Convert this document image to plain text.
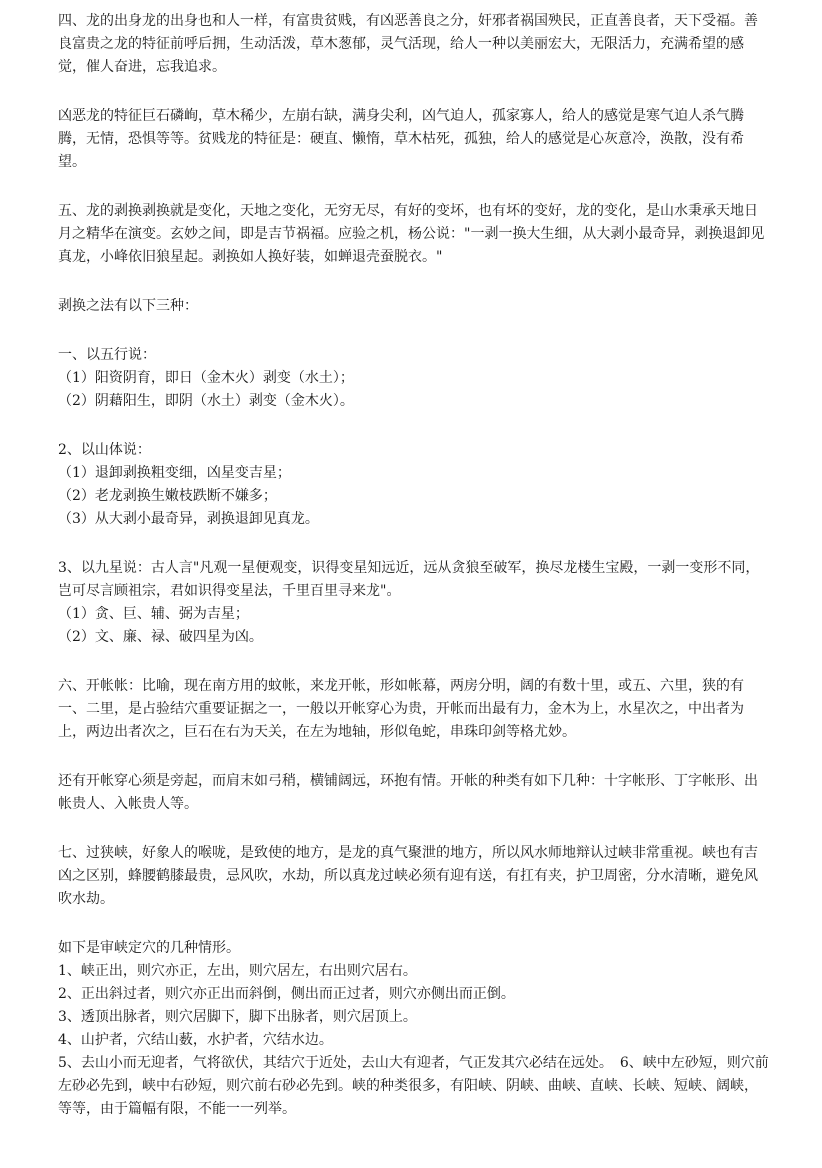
四、龙的出身龙的出身也和人一样，有富贵贫贱，有凶恶善良之分，奸邪者祸国殃民，正直善良者，天下受福。善良富贵之龙的特征前呼后拥，生动活泼，草木葱郁，灵气活现，给人一种以美丽宏大，无限活力，充满希望的感觉，催人奋进，忘我追求。

凶恶龙的特征巨石磷峋，草木稀少，左崩右缺，满身尖利，凶气迫人，孤家寡人，给人的感觉是寒气迫人杀气腾腾，无情，恐惧等等。贫贱龙的特征是：硬直、懒惰，草木枯死，孤独，给人的感觉是心灰意冷，涣散，没有希望。

五、龙的剥换剥换就是变化，天地之变化，无穷无尽，有好的变坏，也有坏的变好，龙的变化，是山水秉承天地日月之精华在演变。玄妙之间，即是吉节祸福。应验之机，杨公说："一剥一换大生细，从大剥小最奇异，剥换退卸见真龙，小峰依旧狼星起。剥换如人换好装，如蝉退壳蚕脱衣。"

剥换之法有以下三种：

一、以五行说：

（1）阳资阴育，即日（金木火）剥变（水土）；

（2）阴藉阳生，即阴（水土）剥变（金木火）。

2、以山体说：

（1）退卸剥换粗变细，凶星变吉星；

（2）老龙剥换生嫩枝跌断不嫌多；

（3）从大剥小最奇异，剥换退卸见真龙。

3、以九星说：古人言"凡观一星便观变，识得变星知远近，远从贪狼至破军，换尽龙楼生宝殿，一剥一变形不同，岂可尽言顾祖宗，君如识得变星法，千里百里寻来龙"。

（1）贪、巨、辅、弼为吉星；

（2）文、廉、禄、破四星为凶。

六、开帐帐：比喻，现在南方用的蚊帐，来龙开帐，形如帐幕，两房分明，阔的有数十里，或五、六里，狭的有一、二里，是占验结穴重要证据之一，一般以开帐穿心为贵，开帐而出最有力，金木为上，水星次之，中出者为上，两边出者次之，巨石在右为天关，在左为地轴，形似龟蛇，串珠印剑等格尤妙。

还有开帐穿心须是旁起，而肩末如弓稍，横铺阔远，环抱有情。开帐的种类有如下几种：十字帐形、丁字帐形、出帐贵人、入帐贵人等。

七、过狭峡，好象人的喉咙，是致使的地方，是龙的真气聚泄的地方，所以风水师地辩认过峡非常重视。峡也有吉凶之区别，蜂腰鹤膝最贵，忌风吹，水劫，所以真龙过峡必须有迎有送，有扛有夹，护卫周密，分水清晰，避免风吹水劫。

如下是审峡定穴的几种情形。

1、峡正出，则穴亦正，左出，则穴居左，右出则穴居右。

2、正出斜过者，则穴亦正出而斜倒，侧出而正过者，则穴亦侧出而正倒。

3、透顶出脉者，则穴居脚下，脚下出脉者，则穴居顶上。

4、山护者，穴结山薮，水护者，穴结水边。

5、去山小而无迎者，气将欲伏，其结穴于近处，去山大有迎者，气正发其穴必结在远处。　6、峡中左砂短，则穴前左砂必先到，峡中右砂短，则穴前右砂必先到。峡的种类很多，有阳峡、阴峡、曲峡、直峡、长峡、短峡、阔峡，等等，由于篇幅有限，不能一一列举。
